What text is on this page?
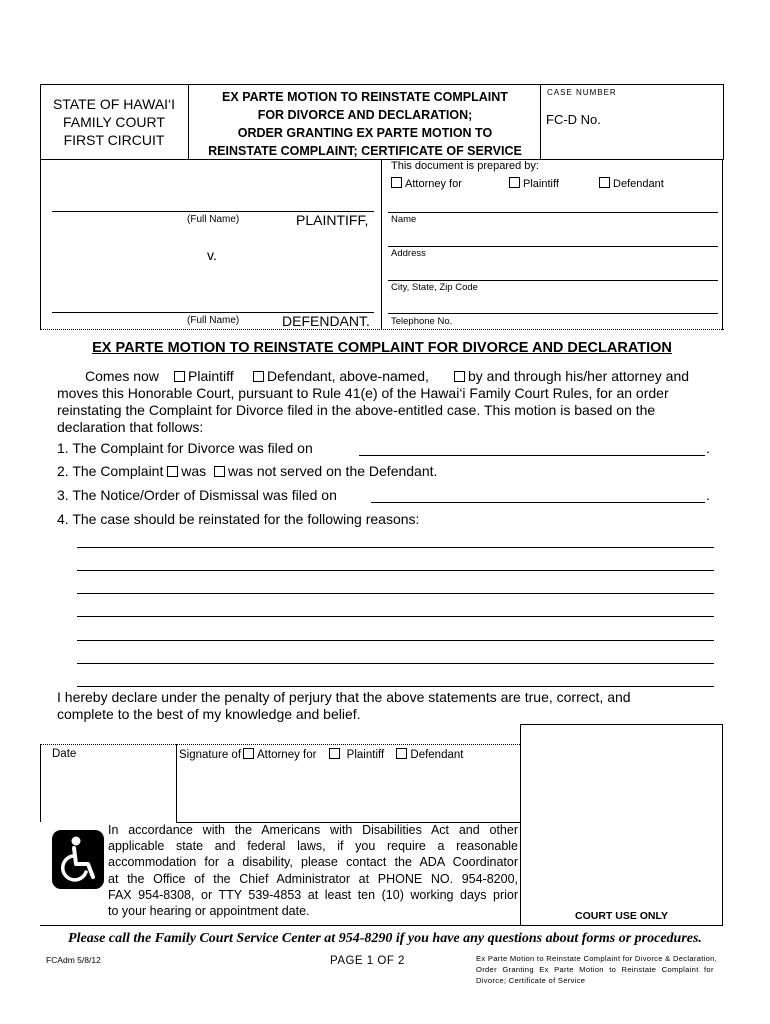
STATE OF HAWAI‘I
FAMILY COURT
FIRST CIRCUIT
EX PARTE MOTION TO REINSTATE COMPLAINT
FOR DIVORCE AND DECLARATION;
ORDER GRANTING EX PARTE MOTION TO
REINSTATE COMPLAINT; CERTIFICATE OF SERVICE
CASE NUMBER
FC-D No.
(Full Name)	PLAINTIFF,
v.
(Full Name)	DEFENDANT.
This document is prepared by:
Attorney for	Plaintiff	Defendant
Name
Address
City, State, Zip Code
Telephone No.
EX PARTE MOTION TO REINSTATE COMPLAINT FOR DIVORCE AND DECLARATION
Comes now	Plaintiff	Defendant, above-named,	by and through his/her attorney and
moves this Honorable Court, pursuant to Rule 41(e) of the Hawai‘i Family Court Rules, for an order
reinstating the Complaint for Divorce filed in the above-entitled case. This motion is based on the
declaration that follows:
1. The Complaint for Divorce was filed on	.
2. The Complaint was was not served on the Defendant.
3. The Notice/Order of Dismissal was filed on	.
4. The case should be reinstated for the following reasons:
I hereby declare under the penalty of perjury that the above statements are true, correct, and
complete to the best of my knowledge and belief.
Date	Signature of Attorney for	Plaintiff Defendant
COURT USE ONLY
In accordance with the Americans with Disabilities Act and other
applicable state and federal laws, if you require a reasonable
accommodation for a disability, please contact the ADA Coordinator
at the Office of the Chief Administrator at PHONE NO. 954-8200,
FAX 954-8308, or TTY 539-4853 at least ten (10) working days prior
to your hearing or appointment date.
Please call the Family Court Service Center at 954-8290 if you have any questions about forms or procedures.
FCAdm 5/8/12	PAGE 1 OF 2	Ex Parte Motion to Reinstate Complaint for Divorce & Declaration,
Order Granting Ex Parte Motion to Reinstate Complaint for
Divorce; Certificate of Service
